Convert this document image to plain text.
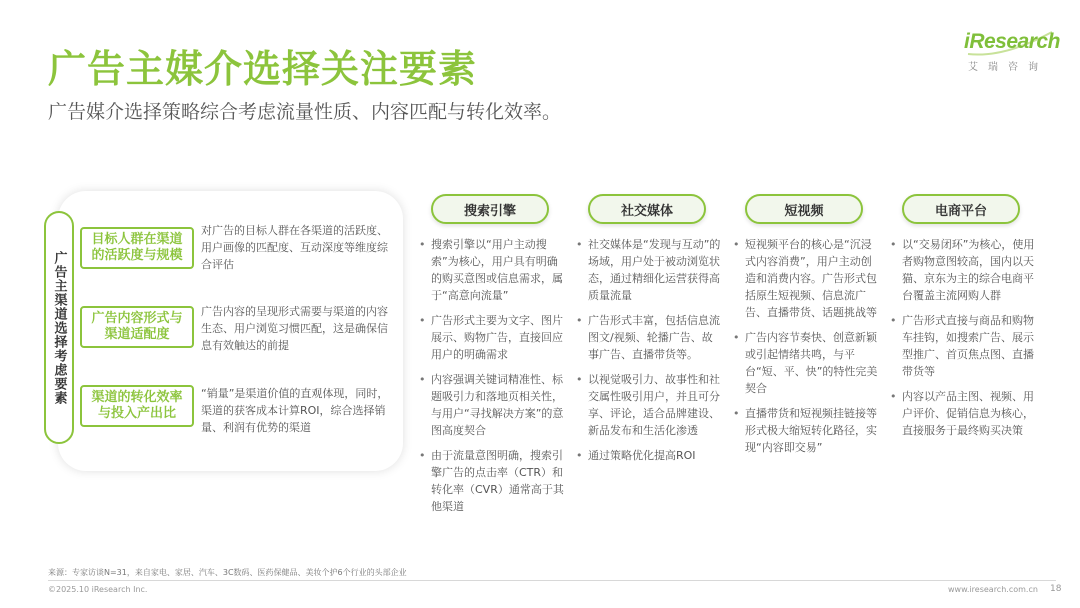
广告主媒介选择关注要素
广告媒介选择策略综合考虑流量性质、内容匹配与转化效率。
iResearch
艾瑞咨询
广告主渠道选择考虑要素
目标人群在渠道的活跃度与规模
对广告的目标人群在各渠道的活跃度、用户画像的匹配度、互动深度等维度综合评估
广告内容形式与渠道适配度
广告内容的呈现形式需要与渠道的内容生态、用户浏览习惯匹配，这是确保信息有效触达的前提
渠道的转化效率与投入产出比
“销量”是渠道价值的直观体现，同时，渠道的获客成本计算ROI，综合选择销量、利润有优势的渠道
搜索引擎
• 搜索引擎以“用户主动搜索”为核心，用户具有明确的购买意图或信息需求，属于“高意向流量”
• 广告形式主要为文字、图片展示、购物广告，直接回应用户的明确需求
• 内容强调关键词精准性、标题吸引力和落地页相关性，与用户“寻找解决方案”的意图高度契合
• 由于流量意图明确，搜索引擎广告的点击率（CTR）和转化率（CVR）通常高于其他渠道
社交媒体
• 社交媒体是“发现与互动”的场域，用户处于被动浏览状态，通过精细化运营获得高质量流量
• 广告形式丰富，包括信息流图文/视频、轮播广告、故事广告、直播带货等。
• 以视觉吸引力、故事性和社交属性吸引用户，并且可分享、评论，适合品牌建设、新品发布和生活化渗透
• 通过策略优化提高ROI
短视频
• 短视频平台的核心是“沉浸式内容消费”，用户主动创造和消费内容。广告形式包括原生短视频、信息流广告、直播带货、话题挑战等
• 广告内容节奏快、创意新颖或引起情绪共鸣，与平台“短、平、快”的特性完美契合
• 直播带货和短视频挂链接等形式极大缩短转化路径，实现“内容即交易”
电商平台
• 以“交易闭环”为核心，使用者购物意图较高，国内以天猫、京东为主的综合电商平台覆盖主流网购人群
• 广告形式直接与商品和购物车挂钩，如搜索广告、展示型推广、首页焦点图、直播带货等
• 内容以产品主图、视频、用户评价、促销信息为核心，直接服务于最终购买决策
来源：专家访谈N=31，来自家电、家居、汽车、3C数码、医药保健品、美妆个护6个行业的头部企业
©2025.10 iResearch Inc.	www.iresearch.com.cn 18
